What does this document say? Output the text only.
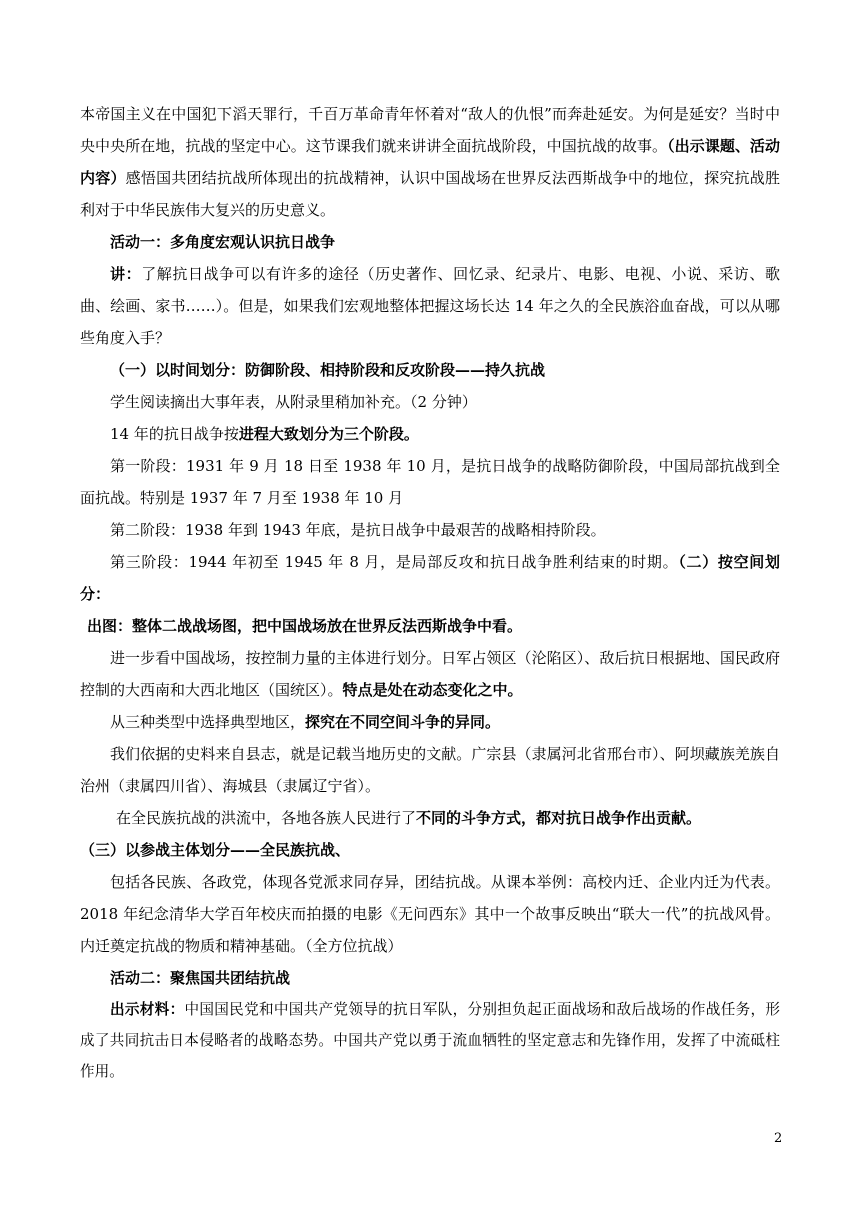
本帝国主义在中国犯下滔天罪行，千百万革命青年怀着对“敌人的仇恨”而奔赴延安。为何是延安？当时中央中央所在地，抗战的坚定中心。这节课我们就来讲讲全面抗战阶段，中国抗战的故事。（出示课题、活动内容）感悟国共团结抗战所体现出的抗战精神，认识中国战场在世界反法西斯战争中的地位，探究抗战胜利对于中华民族伟大复兴的历史意义。

活动一：多角度宏观认识抗日战争

讲：了解抗日战争可以有许多的途径（历史著作、回忆录、纪录片、电影、电视、小说、采访、歌曲、绘画、家书……）。但是，如果我们宏观地整体把握这场长达 14 年之久的全民族浴血奋战，可以从哪些角度入手？

（一）以时间划分：防御阶段、相持阶段和反攻阶段——持久抗战

学生阅读摘出大事年表，从附录里稍加补充。（2 分钟）

14 年的抗日战争按进程大致划分为三个阶段。

第一阶段：1931 年 9 月 18 日至 1938 年 10 月，是抗日战争的战略防御阶段，中国局部抗战到全面抗战。特别是 1937 年 7 月至 1938 年 10 月

第二阶段：1938 年到 1943 年底，是抗日战争中最艰苦的战略相持阶段。

第三阶段：1944 年初至 1945 年 8 月，是局部反攻和抗日战争胜利结束的时期。（二）按空间划分：

出图：整体二战战场图，把中国战场放在世界反法西斯战争中看。

进一步看中国战场，按控制力量的主体进行划分。日军占领区（沦陷区）、敌后抗日根据地、国民政府控制的大西南和大西北地区（国统区）。特点是处在动态变化之中。

从三种类型中选择典型地区，探究在不同空间斗争的异同。

我们依据的史料来自县志，就是记载当地历史的文献。广宗县（隶属河北省邢台市）、阿坝藏族羌族自治州（隶属四川省）、海城县（隶属辽宁省）。

在全民族抗战的洪流中，各地各族人民进行了不同的斗争方式，都对抗日战争作出贡献。

（三）以参战主体划分——全民族抗战、

包括各民族、各政党，体现各党派求同存异，团结抗战。从课本举例：高校内迁、企业内迁为代表。2018 年纪念清华大学百年校庆而拍摄的电影《无问西东》其中一个故事反映出“联大一代”的抗战风骨。内迁奠定抗战的物质和精神基础。（全方位抗战）

活动二：聚焦国共团结抗战

出示材料：中国国民党和中国共产党领导的抗日军队，分别担负起正面战场和敌后战场的作战任务，形成了共同抗击日本侵略者的战略态势。中国共产党以勇于流血牺牲的坚定意志和先锋作用，发挥了中流砥柱作用。

2
